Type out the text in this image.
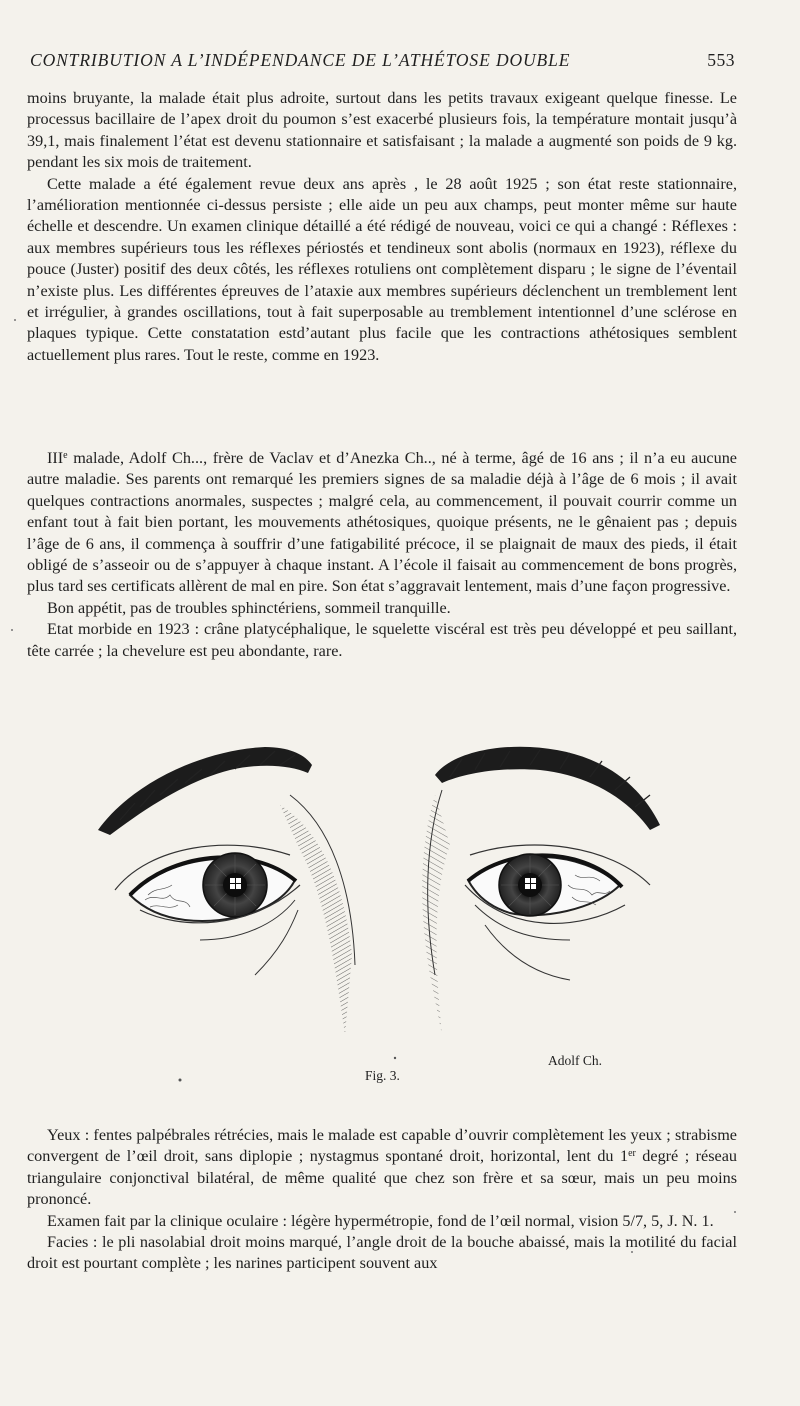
CONTRIBUTION A L’INDÉPENDANCE DE L’ATHÉTOSE DOUBLE	553

moins bruyante, la malade était plus adroite, surtout dans les petits travaux exigeant quelque finesse. Le processus bacillaire de l’apex droit du poumon s’est exacerbé plusieurs fois, la température montait jusqu’à 39,1, mais finalement l’état est devenu stationnaire et satisfaisant ; la malade a augmenté son poids de 9 kg. pendant les six mois de traitement.

Cette malade a été également revue deux ans après , le 28 août 1925 ; son état reste stationnaire, l’amélioration mentionnée ci-dessus persiste ; elle aide un peu aux champs, peut monter même sur haute échelle et descendre. Un examen clinique détaillé a été rédigé de nouveau, voici ce qui a changé : Réflexes : aux membres supérieurs tous les réflexes périostés et tendineux sont abolis (normaux en 1923), réflexe du pouce (Juster) positif des deux côtés, les réflexes rotuliens ont complètement disparu ; le signe de l’éventail n’existe plus. Les différentes épreuves de l’ataxie aux membres supérieurs déclenchent un tremblement lent et irrégulier, à grandes oscillations, tout à fait superposable au tremblement intentionnel d’une sclérose en plaques typique. Cette constatation estd’autant plus facile que les contractions athétosiques semblent actuellement plus rares. Tout le reste, comme en 1923.

IIIe malade, Adolf Ch..., frère de Vaclav et d’Anezka Ch.., né à terme, âgé de 16 ans ; il n’a eu aucune autre maladie. Ses parents ont remarqué les premiers signes de sa maladie déjà à l’âge de 6 mois ; il avait quelques contractions anormales, suspectes ; malgré cela, au commencement, il pouvait courrir comme un enfant tout à fait bien portant, les mouvements athétosiques, quoique présents, ne le gênaient pas ; depuis l’âge de 6 ans, il commença à souffrir d’une fatigabilité précoce, il se plaignait de maux des pieds, il était obligé de s’asseoir ou de s’appuyer à chaque instant. A l’école il faisait au commencement de bons progrès, plus tard ses certificats allèrent de mal en pire. Son état s’aggravait lentement, mais d’une façon progressive.

Bon appétit, pas de troubles sphinctériens, sommeil tranquille.

Etat morbide en 1923 : crâne platycéphalique, le squelette viscéral est très peu développé et peu saillant, tête carrée ; la chevelure est peu abondante, rare.

Adolf Ch.
Fig. 3.

Yeux : fentes palpébrales rétrécies, mais le malade est capable d’ouvrir complètement les yeux ; strabisme convergent de l’œil droit, sans diplopie ; nystagmus spontané droit, horizontal, lent du 1er degré ; réseau triangulaire conjonctival bilatéral, de même qualité que chez son frère et sa sœur, mais un peu moins prononcé.

Examen fait par la clinique oculaire : légère hypermétropie, fond de l’œil normal, vision 5/7, 5, J. N. 1.

Facies : le pli nasolabial droit moins marqué, l’angle droit de la bouche abaissé, mais la motilité du facial droit est pourtant complète ; les narines participent souvent aux
